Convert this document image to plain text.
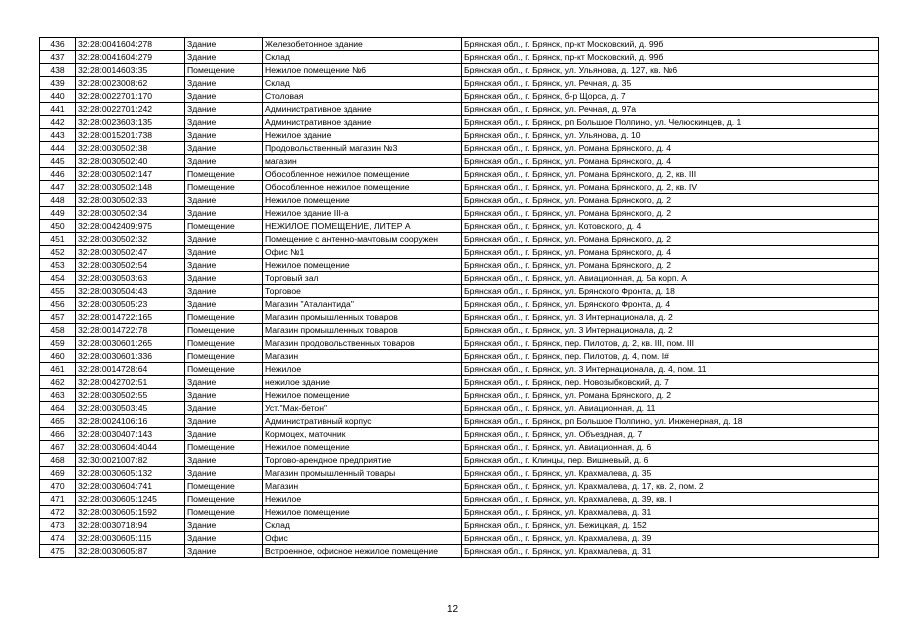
436	32:28:0041604:278	Здание	Железобетонное здание	Брянская обл., г. Брянск, пр-кт Московский, д. 99б
437	32:28:0041604:279	Здание	Склад	Брянская обл., г. Брянск, пр-кт Московский, д. 99б
438	32:28:0014603:35	Помещение	Нежилое помещение №6	Брянская обл., г. Брянск, ул. Ульянова, д. 127, кв. №6
439	32:28:0023008:62	Здание	Склад	Брянская обл., г. Брянск, ул. Речная, д. 35
440	32:28:0022701:170	Здание	Столовая	Брянская обл., г. Брянск, б-р Щорса, д. 7
441	32:28:0022701:242	Здание	Административное здание	Брянская обл., г. Брянск, ул. Речная, д. 97а
442	32:28:0023603:135	Здание	Административное здание	Брянская обл., г. Брянск, рп Большое Полпино, ул. Челюскинцев, д. 1
443	32:28:0015201:738	Здание	Нежилое здание	Брянская обл., г. Брянск, ул. Ульянова, д. 10
444	32:28:0030502:38	Здание	Продовольственный магазин №3	Брянская обл., г. Брянск, ул. Романа Брянского, д. 4
445	32:28:0030502:40	Здание	магазин	Брянская обл., г. Брянск, ул. Романа Брянского, д. 4
446	32:28:0030502:147	Помещение	Обособленное нежилое помещение	Брянская обл., г. Брянск, ул. Романа Брянского, д. 2, кв. III
447	32:28:0030502:148	Помещение	Обособленное нежилое помещение	Брянская обл., г. Брянск, ул. Романа Брянского, д. 2, кв. IV
448	32:28:0030502:33	Здание	Нежилое помещение	Брянская обл., г. Брянск, ул. Романа Брянского, д. 2
449	32:28:0030502:34	Здание	Нежилое здание III-а	Брянская обл., г. Брянск, ул. Романа Брянского, д. 2
450	32:28:0042409:975	Помещение	НЕЖИЛОЕ ПОМЕЩЕНИЕ, ЛИТЕР А	Брянская обл., г. Брянск, ул. Котовского, д. 4
451	32:28:0030502:32	Здание	Помещение с антенно-мачтовым сооружен	Брянская обл., г. Брянск, ул. Романа Брянского, д. 2
452	32:28:0030502:47	Здание	Офис №1	Брянская обл., г. Брянск, ул. Романа Брянского, д. 4
453	32:28:0030502:54	Здание	Нежилое помещение	Брянская обл., г. Брянск, ул. Романа Брянского, д. 2
454	32:28:0030503:63	Здание	Торговый зал	Брянская обл., г. Брянск, ул. Авиационная, д. 5а корп. А
455	32:28:0030504:43	Здание	Торговое	Брянская обл., г. Брянск, ул. Брянского Фронта, д. 18
456	32:28:0030505:23	Здание	Магазин "Аталантида"	Брянская обл., г. Брянск, ул. Брянского Фронта, д. 4
457	32:28:0014722:165	Помещение	Магазин промышленных товаров	Брянская обл., г. Брянск, ул. 3 Интернационала, д. 2
458	32:28:0014722:78	Помещение	Магазин промышленных товаров	Брянская обл., г. Брянск, ул. 3 Интернационала, д. 2
459	32:28:0030601:265	Помещение	Магазин продовольственных товаров	Брянская обл., г. Брянск, пер. Пилотов, д. 2, кв. III, пом. III
460	32:28:0030601:336	Помещение	Магазин	Брянская обл., г. Брянск, пер. Пилотов, д. 4, пом. I#
461	32:28:0014728:64	Помещение	Нежилое	Брянская обл., г. Брянск, ул. 3 Интернационала, д. 4, пом. 11
462	32:28:0042702:51	Здание	нежилое здание	Брянская обл., г. Брянск, пер. Новозыбковский, д. 7
463	32:28:0030502:55	Здание	Нежилое помещение	Брянская обл., г. Брянск, ул. Романа Брянского, д. 2
464	32:28:0030503:45	Здание	Уст."Мак-бетон"	Брянская обл., г. Брянск, ул. Авиационная, д. 11
465	32:28:0024106:16	Здание	Административный корпус	Брянская обл., г. Брянск, рп Большое Полпино, ул. Инженерная, д. 18
466	32:28:0030407:143	Здание	Кормоцех, маточник	Брянская обл., г. Брянск, ул. Объездная, д. 7
467	32:28:0030604:4044	Помещение	Нежилое помещение	Брянская обл., г. Брянск, ул. Авиационная, д. 6
468	32:30:0021007:82	Здание	Торгово-арендное предприятие	Брянская обл., г. Клинцы, пер. Вишневый, д. 6
469	32:28:0030605:132	Здание	Магазин промышленный товары	Брянская обл., г. Брянск, ул. Крахмалева, д. 35
470	32:28:0030604:741	Помещение	Магазин	Брянская обл., г. Брянск, ул. Крахмалева, д. 17, кв. 2, пом. 2
471	32:28:0030605:1245	Помещение	Нежилое	Брянская обл., г. Брянск, ул. Крахмалева, д. 39, кв. I
472	32:28:0030605:1592	Помещение	Нежилое помещение	Брянская обл., г. Брянск, ул. Крахмалева, д. 31
473	32:28:0030718:94	Здание	Склад	Брянская обл., г. Брянск, ул. Бежицкая, д. 152
474	32:28:0030605:115	Здание	Офис	Брянская обл., г. Брянск, ул. Крахмалева, д. 39
475	32:28:0030605:87	Здание	Встроенное, офисное нежилое помещение	Брянская обл., г. Брянск, ул. Крахмалева, д. 31
12
